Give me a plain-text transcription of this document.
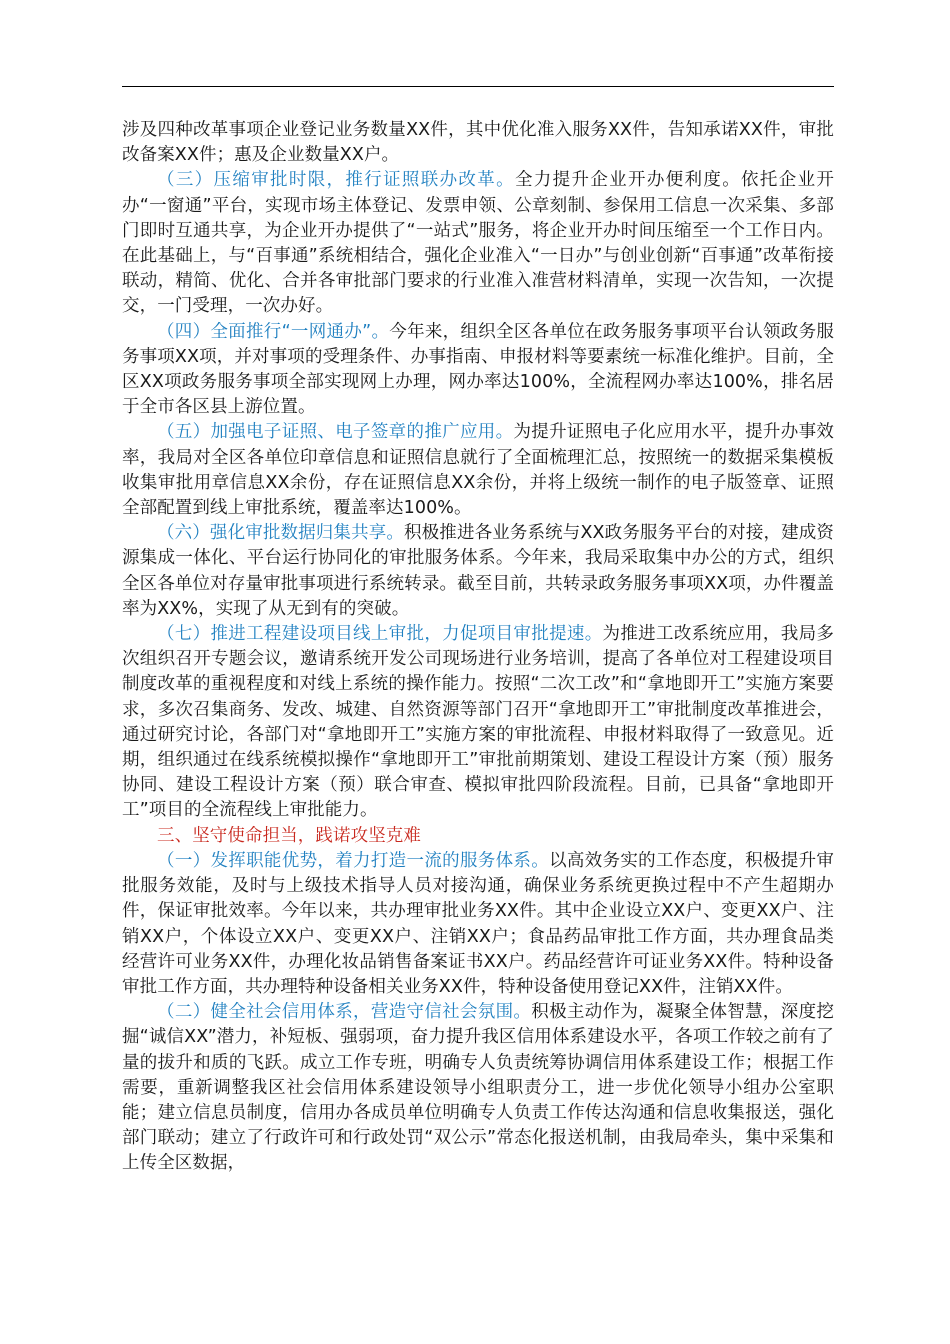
涉及四种改革事项企业登记业务数量XX件，其中优化准入服务XX件，告知承诺XX件，审批改备案XX件；惠及企业数量XX户。

（三）压缩审批时限，推行证照联办改革。全力提升企业开办便利度。依托企业开办“一窗通”平台，实现市场主体登记、发票申领、公章刻制、参保用工信息一次采集、多部门即时互通共享，为企业开办提供了“一站式”服务，将企业开办时间压缩至一个工作日内。在此基础上，与“百事通”系统相结合，强化企业准入“一日办”与创业创新“百事通”改革衔接联动，精简、优化、合并各审批部门要求的行业准入准营材料清单，实现一次告知，一次提交，一门受理，一次办好。

（四）全面推行“一网通办”。今年来，组织全区各单位在政务服务事项平台认领政务服务事项XX项，并对事项的受理条件、办事指南、申报材料等要素统一标准化维护。目前，全区XX项政务服务事项全部实现网上办理，网办率达100%，全流程网办率达100%，排名居于全市各区县上游位置。

（五）加强电子证照、电子签章的推广应用。为提升证照电子化应用水平，提升办事效率，我局对全区各单位印章信息和证照信息就行了全面梳理汇总，按照统一的数据采集模板收集审批用章信息XX余份，存在证照信息XX余份，并将上级统一制作的电子版签章、证照全部配置到线上审批系统，覆盖率达100%。

（六）强化审批数据归集共享。积极推进各业务系统与XX政务服务平台的对接，建成资源集成一体化、平台运行协同化的审批服务体系。今年来，我局采取集中办公的方式，组织全区各单位对存量审批事项进行系统转录。截至目前，共转录政务服务事项XX项，办件覆盖率为XX%，实现了从无到有的突破。

（七）推进工程建设项目线上审批，力促项目审批提速。为推进工改系统应用，我局多次组织召开专题会议，邀请系统开发公司现场进行业务培训，提高了各单位对工程建设项目制度改革的重视程度和对线上系统的操作能力。按照“二次工改”和“拿地即开工”实施方案要求，多次召集商务、发改、城建、自然资源等部门召开“拿地即开工”审批制度改革推进会，通过研究讨论，各部门对“拿地即开工”实施方案的审批流程、申报材料取得了一致意见。近期，组织通过在线系统模拟操作“拿地即开工”审批前期策划、建设工程设计方案（预）服务协同、建设工程设计方案（预）联合审查、模拟审批四阶段流程。目前，已具备“拿地即开工”项目的全流程线上审批能力。

三、坚守使命担当，践诺攻坚克难

（一）发挥职能优势，着力打造一流的服务体系。以高效务实的工作态度，积极提升审批服务效能，及时与上级技术指导人员对接沟通，确保业务系统更换过程中不产生超期办件，保证审批效率。今年以来，共办理审批业务XX件。其中企业设立XX户、变更XX户、注销XX户，个体设立XX户、变更XX户、注销XX户；食品药品审批工作方面，共办理食品类经营许可业务XX件，办理化妆品销售备案证书XX户。药品经营许可证业务XX件。特种设备审批工作方面，共办理特种设备相关业务XX件，特种设备使用登记XX件，注销XX件。

（二）健全社会信用体系，营造守信社会氛围。积极主动作为，凝聚全体智慧，深度挖掘“诚信XX”潜力，补短板、强弱项，奋力提升我区信用体系建设水平，各项工作较之前有了量的拔升和质的飞跃。成立工作专班，明确专人负责统筹协调信用体系建设工作；根据工作需要，重新调整我区社会信用体系建设领导小组职责分工，进一步优化领导小组办公室职能；建立信息员制度，信用办各成员单位明确专人负责工作传达沟通和信息收集报送，强化部门联动；建立了行政许可和行政处罚“双公示”常态化报送机制，由我局牵头，集中采集和上传全区数据，
